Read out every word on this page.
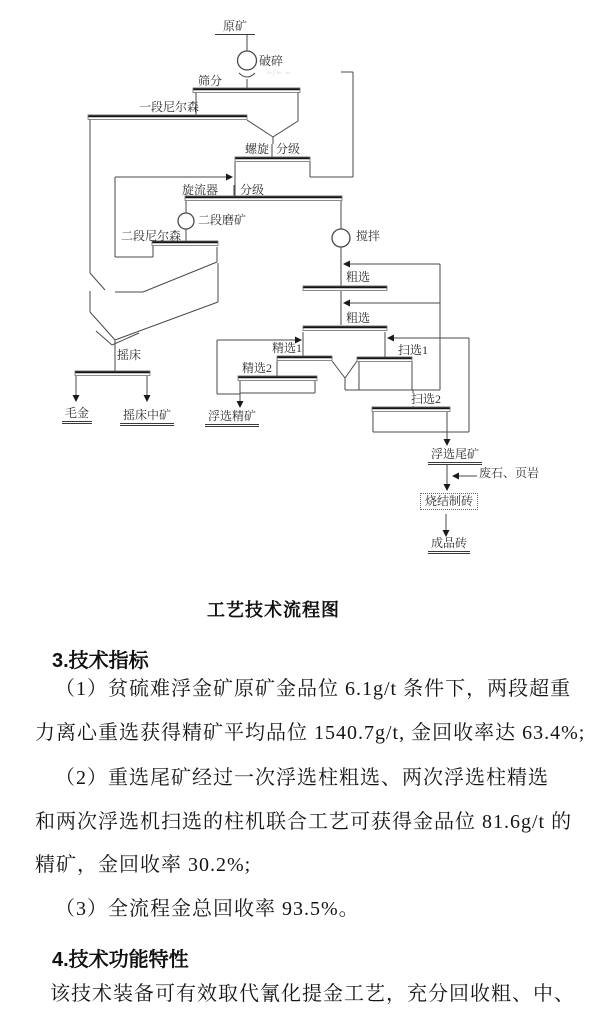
原矿
破碎
筛分
~/~ ~
一段尼尔森
螺旋 分级
旋流器 分级
二段磨矿
二段尼尔森	搅拌
粗选
粗选
精选1	扫选1
精选2
扫选2
摇床
毛金	摇床中矿	浮选精矿
浮选尾矿
废石、页岩
烧结制砖
成品砖
工艺技术流程图
3.技术指标
（1）贫硫难浮金矿原矿金品位 6.1g/t 条件下，两段超重
力离心重选获得精矿平均品位 1540.7g/t, 金回收率达 63.4%;
（2）重选尾矿经过一次浮选柱粗选、两次浮选柱精选
和两次浮选机扫选的柱机联合工艺可获得金品位 81.6g/t 的
精矿，金回收率 30.2%;
（3）全流程金总回收率 93.5%。
该技术装备可有效取代氰化提金工艺，充分回收粗、中、
4.技术功能特性
